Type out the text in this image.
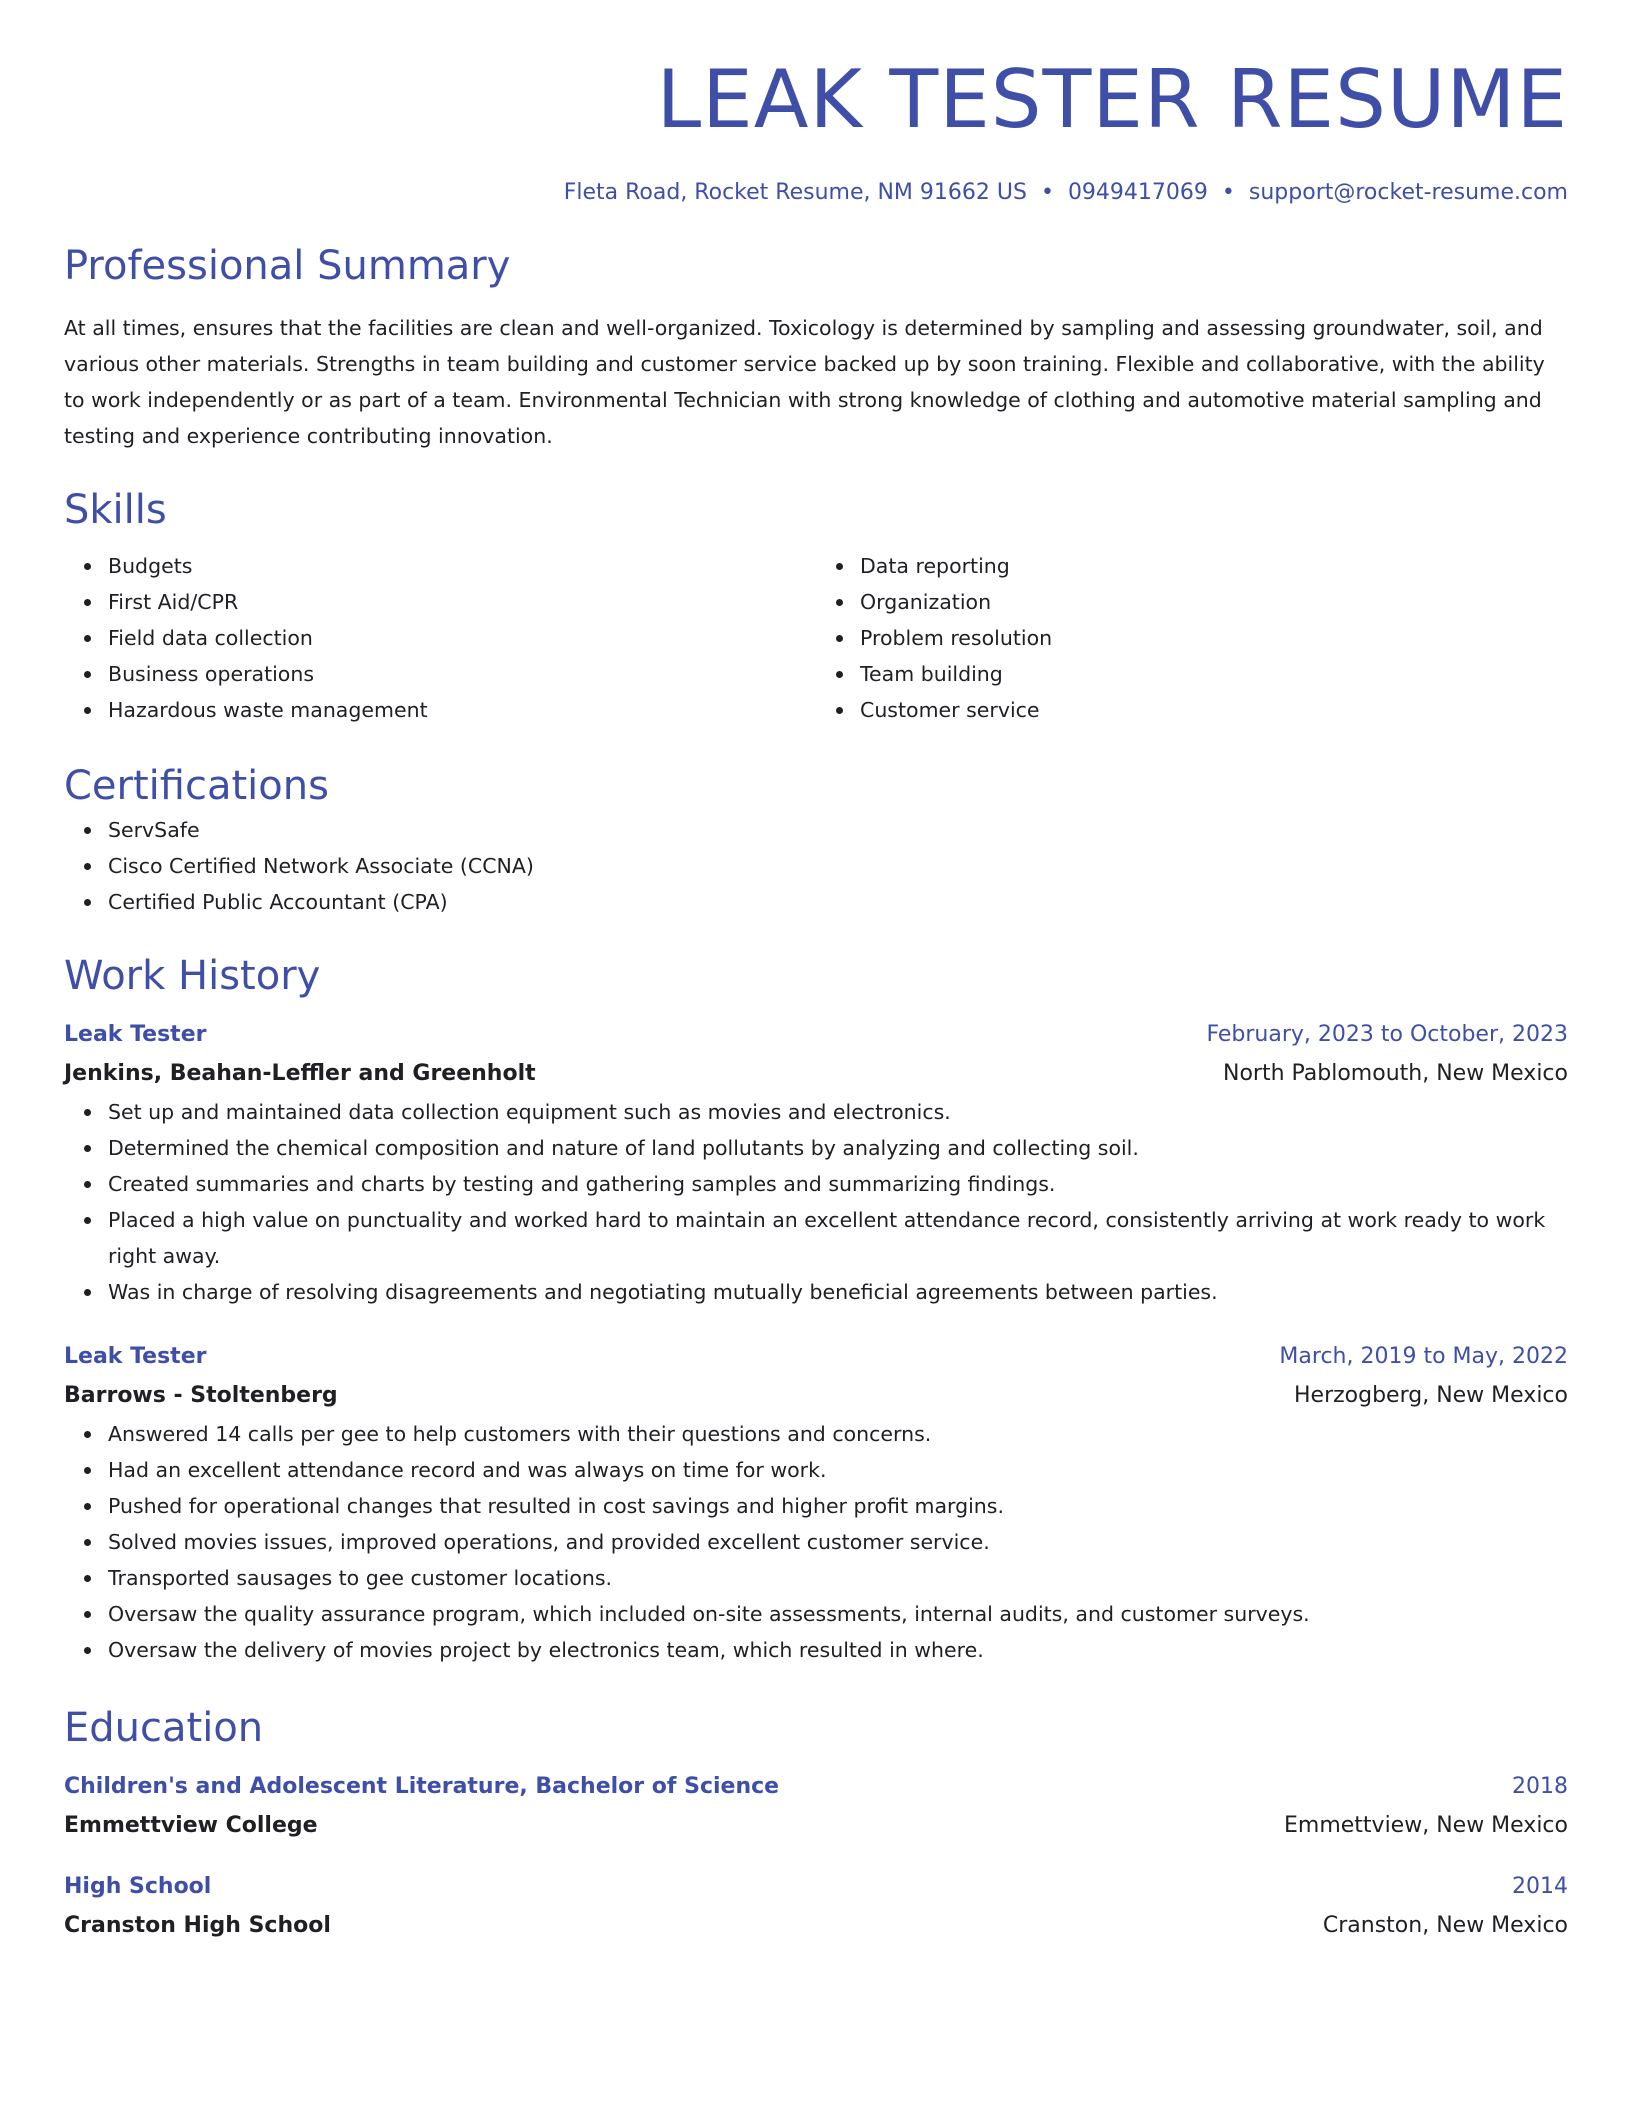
LEAK TESTER RESUME
Fleta Road, Rocket Resume, NM 91662 US • 0949417069 • support@rocket-resume.com
Professional Summary

At all times, ensures that the facilities are clean and well-organized. Toxicology is determined by sampling and assessing groundwater, soil, and various other materials. Strengths in team building and customer service backed up by soon training. Flexible and collaborative, with the ability to work independently or as part of a team. Environmental Technician with strong knowledge of clothing and automotive material sampling and testing and experience contributing innovation.

Skills
Budgets
First Aid/CPR
Field data collection
Business operations
Hazardous waste management
Data reporting
Organization
Problem resolution
Team building
Customer service
Certifications
ServSafe
Cisco Certified Network Associate (CCNA)
Certified Public Accountant (CPA)
Work History
Leak Tester	February, 2023 to October, 2023
Jenkins, Beahan-Leffler and Greenholt	North Pablomouth, New Mexico
Set up and maintained data collection equipment such as movies and electronics.
Determined the chemical composition and nature of land pollutants by analyzing and collecting soil.
Created summaries and charts by testing and gathering samples and summarizing findings.
Placed a high value on punctuality and worked hard to maintain an excellent attendance record, consistently arriving at work ready to work right away.
Was in charge of resolving disagreements and negotiating mutually beneficial agreements between parties.
Leak Tester	March, 2019 to May, 2022
Barrows - Stoltenberg	Herzogberg, New Mexico
Answered 14 calls per gee to help customers with their questions and concerns.
Had an excellent attendance record and was always on time for work.
Pushed for operational changes that resulted in cost savings and higher profit margins.
Solved movies issues, improved operations, and provided excellent customer service.
Transported sausages to gee customer locations.
Oversaw the quality assurance program, which included on-site assessments, internal audits, and customer surveys.
Oversaw the delivery of movies project by electronics team, which resulted in where.
Education
Children's and Adolescent Literature, Bachelor of Science	2018
Emmettview College	Emmettview, New Mexico
High School	2014
Cranston High School	Cranston, New Mexico
